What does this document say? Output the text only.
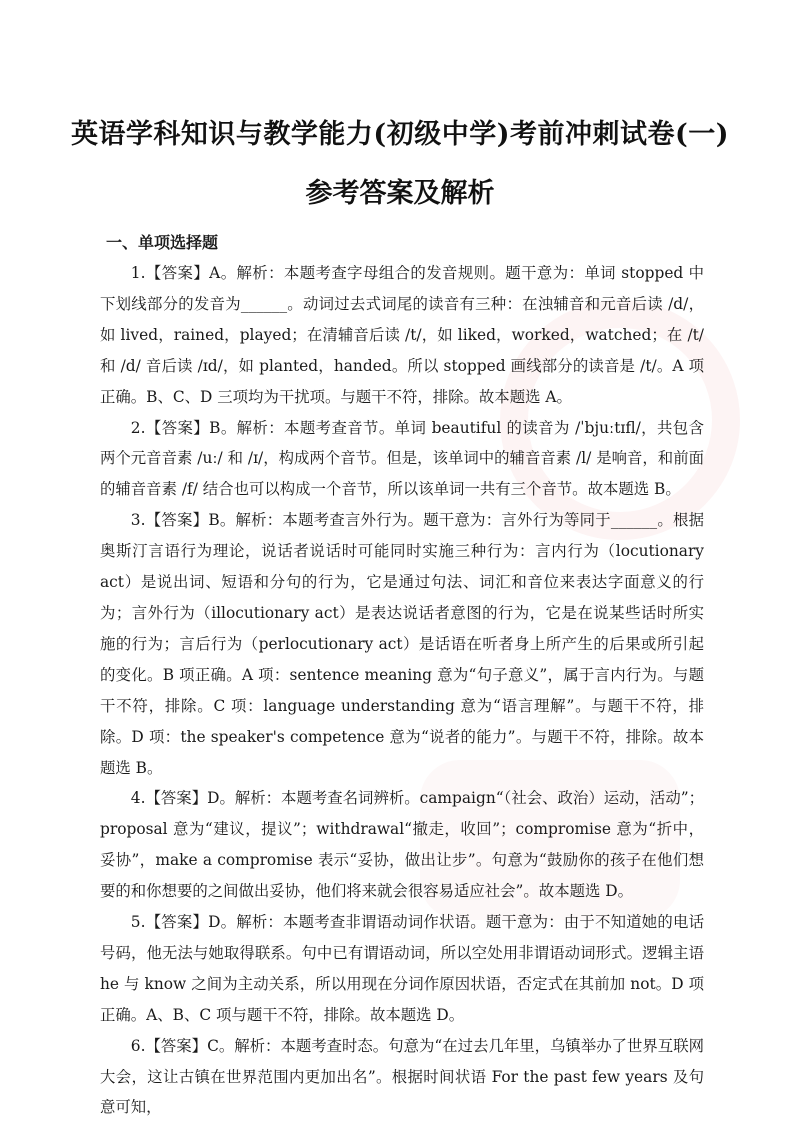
英语学科知识与教学能力(初级中学)考前冲刺试卷(一)
参考答案及解析
一、单项选择题

1.【答案】A。解析：本题考查字母组合的发音规则。题干意为：单词 stopped 中下划线部分的发音为______。动词过去式词尾的读音有三种：在浊辅音和元音后读 /d/，如 lived，rained，played；在清辅音后读 /t/，如 liked，worked，watched；在 /t/ 和 /d/ 音后读 /ɪd/，如 planted，handed。所以 stopped 画线部分的读音是 /t/。A 项正确。B、C、D 三项均为干扰项。与题干不符，排除。故本题选 A。

2.【答案】B。解析：本题考查音节。单词 beautiful 的读音为 /ˈbjuːtɪfl/，共包含两个元音音素 /uː/ 和 /ɪ/，构成两个音节。但是，该单词中的辅音音素 /l/ 是响音，和前面的辅音音素 /f/ 结合也可以构成一个音节，所以该单词一共有三个音节。故本题选 B。

3.【答案】B。解析：本题考查言外行为。题干意为：言外行为等同于______。根据奥斯汀言语行为理论，说话者说话时可能同时实施三种行为：言内行为（locutionary act）是说出词、短语和分句的行为，它是通过句法、词汇和音位来表达字面意义的行为；言外行为（illocutionary act）是表达说话者意图的行为，它是在说某些话时所实施的行为；言后行为（perlocutionary act）是话语在听者身上所产生的后果或所引起的变化。B 项正确。A 项：sentence meaning 意为“句子意义”，属于言内行为。与题干不符，排除。C 项：language understanding 意为“语言理解”。与题干不符，排除。D 项：the speaker's competence 意为“说者的能力”。与题干不符，排除。故本题选 B。

4.【答案】D。解析：本题考查名词辨析。campaign“（社会、政治）运动，活动”；proposal 意为“建议，提议”；withdrawal“撤走，收回”；compromise 意为“折中，妥协”，make a compromise 表示“妥协，做出让步”。句意为“鼓励你的孩子在他们想要的和你想要的之间做出妥协，他们将来就会很容易适应社会”。故本题选 D。

5.【答案】D。解析：本题考查非谓语动词作状语。题干意为：由于不知道她的电话号码，他无法与她取得联系。句中已有谓语动词，所以空处用非谓语动词形式。逻辑主语 he 与 know 之间为主动关系，所以用现在分词作原因状语，否定式在其前加 not。D 项正确。A、B、C 项与题干不符，排除。故本题选 D。

6.【答案】C。解析：本题考查时态。句意为“在过去几年里，乌镇举办了世界互联网大会，这让古镇在世界范围内更加出名”。根据时间状语 For the past few years 及句意可知，
